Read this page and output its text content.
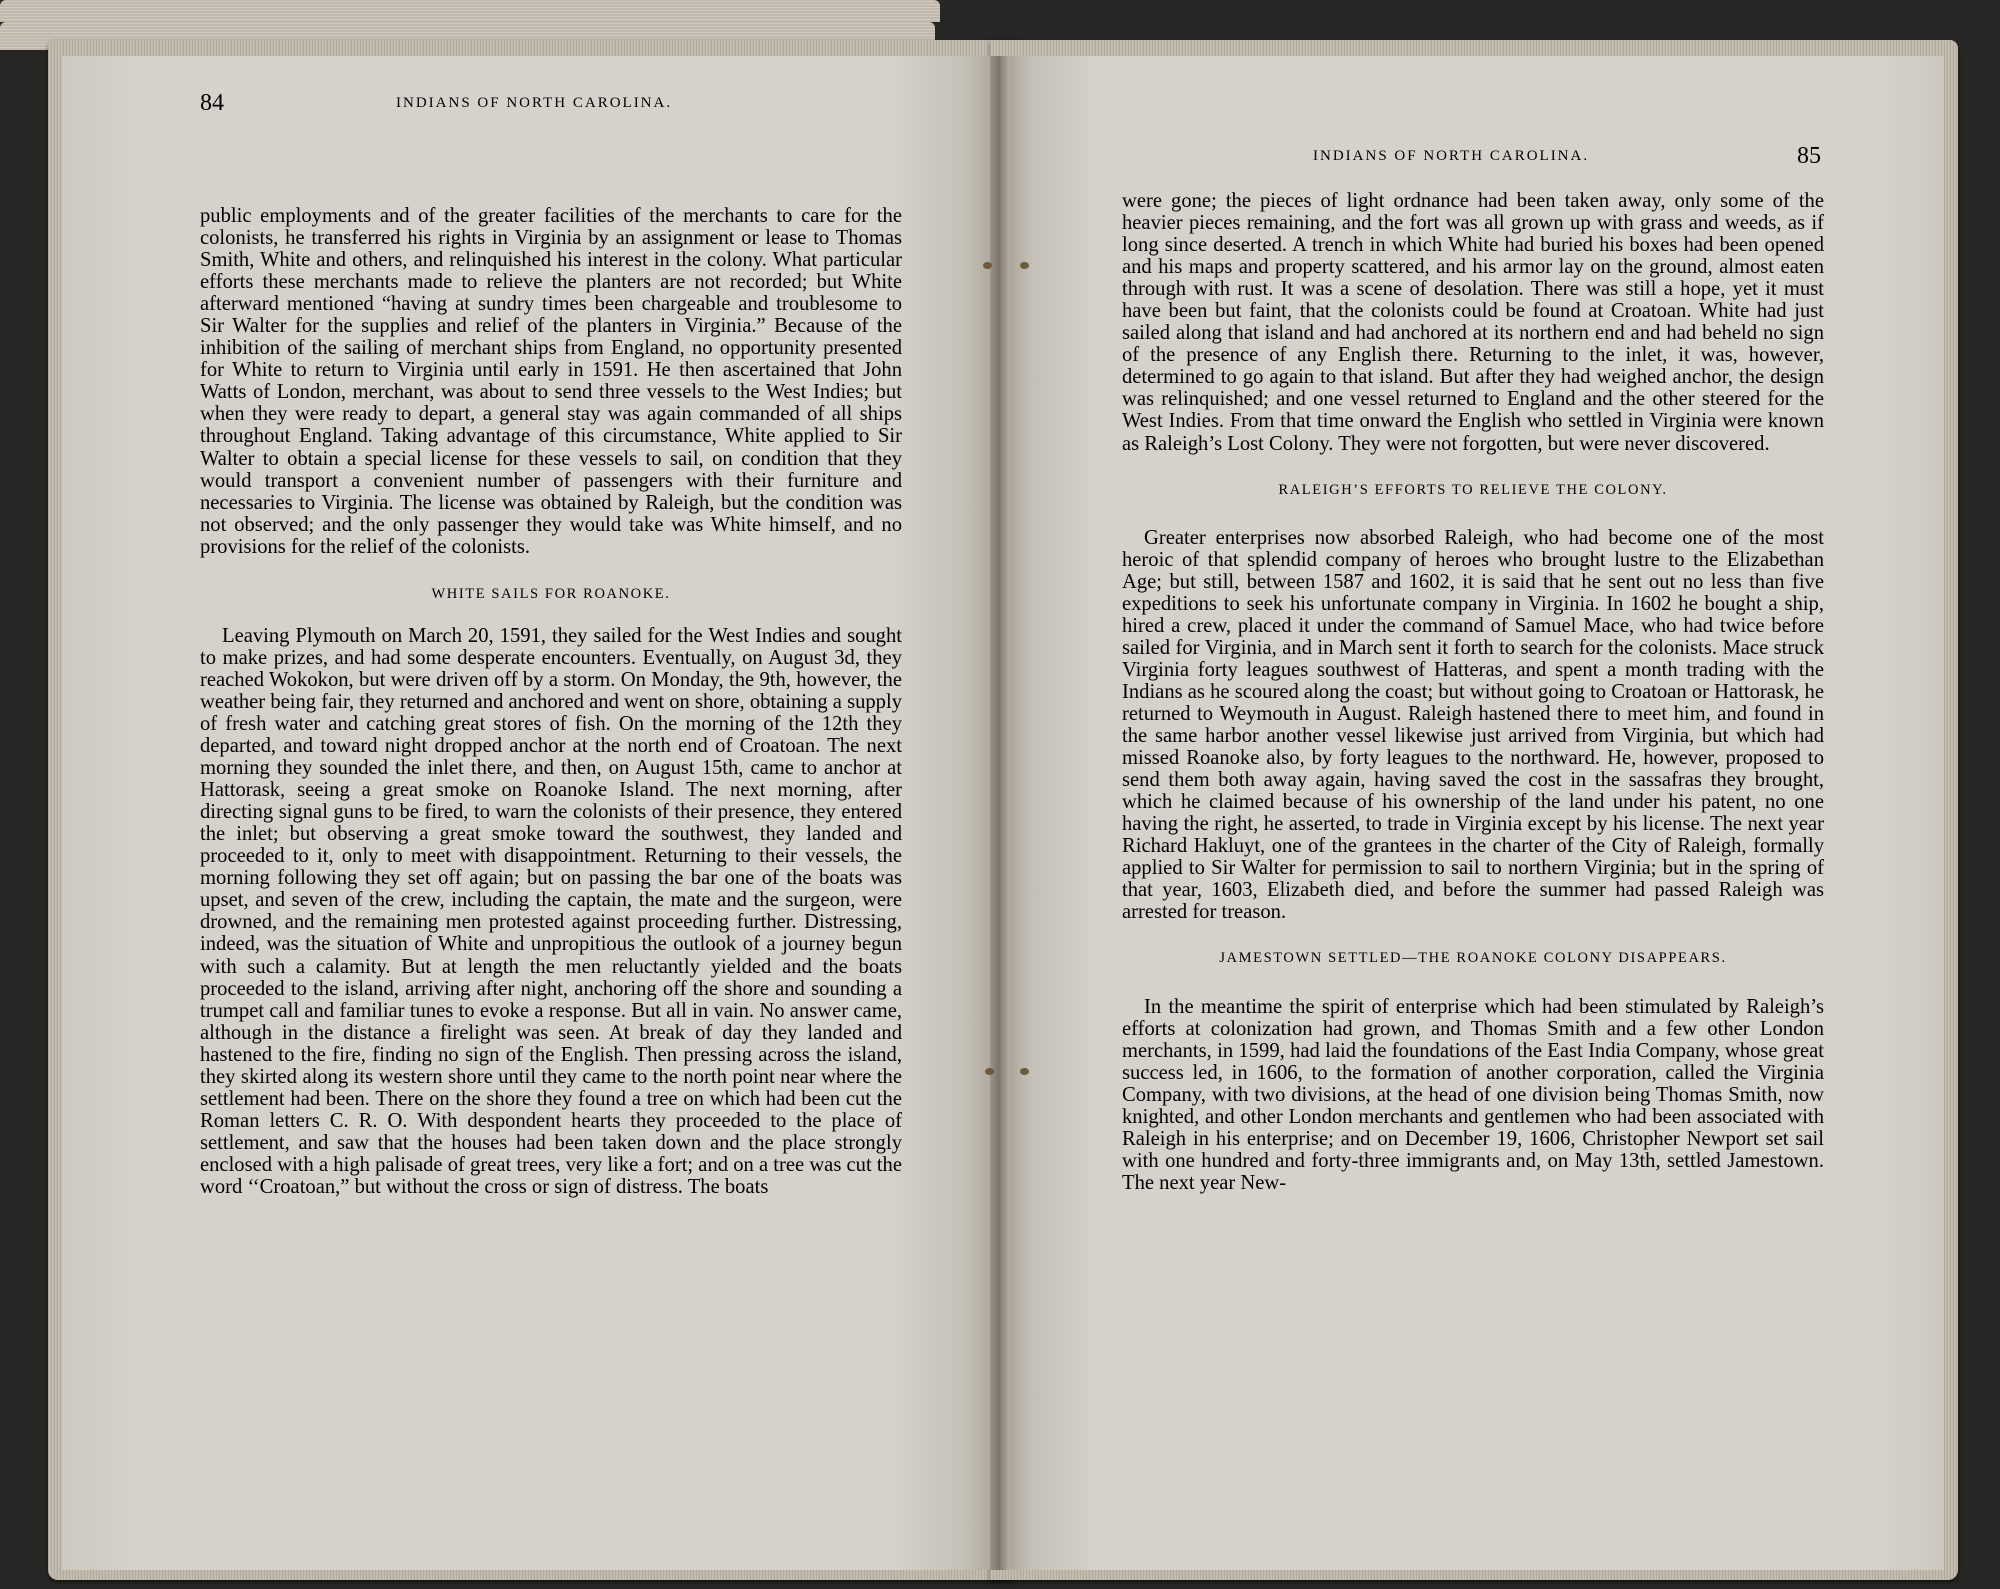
84	INDIANS OF NORTH CAROLINA.

public employments and of the greater facilities of the merchants to care for the colonists, he transferred his rights in Virginia by an assignment or lease to Thomas Smith, White and others, and relinquished his interest in the colony. What particular efforts these merchants made to relieve the planters are not recorded; but White afterward mentioned “having at sundry times been chargeable and troublesome to Sir Walter for the supplies and relief of the planters in Virginia.” Because of the inhibition of the sailing of merchant ships from England, no opportunity presented for White to return to Virginia until early in 1591. He then ascertained that John Watts of London, merchant, was about to send three vessels to the West Indies; but when they were ready to depart, a general stay was again commanded of all ships throughout England. Taking advantage of this circumstance, White applied to Sir Walter to obtain a special license for these vessels to sail, on condition that they would transport a convenient number of passengers with their furniture and necessaries to Virginia. The license was obtained by Raleigh, but the condition was not observed; and the only passenger they would take was White himself, and no provisions for the relief of the colonists.

WHITE SAILS FOR ROANOKE.

Leaving Plymouth on March 20, 1591, they sailed for the West Indies and sought to make prizes, and had some desperate encounters. Eventually, on August 3d, they reached Wokokon, but were driven off by a storm. On Monday, the 9th, however, the weather being fair, they returned and anchored and went on shore, obtaining a supply of fresh water and catching great stores of fish. On the morning of the 12th they departed, and toward night dropped anchor at the north end of Croatoan. The next morning they sounded the inlet there, and then, on August 15th, came to anchor at Hattorask, seeing a great smoke on Roanoke Island. The next morning, after directing signal guns to be fired, to warn the colonists of their presence, they entered the inlet; but observing a great smoke toward the southwest, they landed and proceeded to it, only to meet with disappointment. Returning to their vessels, the morning following they set off again; but on passing the bar one of the boats was upset, and seven of the crew, including the captain, the mate and the surgeon, were drowned, and the remaining men protested against proceeding further. Distressing, indeed, was the situation of White and unpropitious the outlook of a journey begun with such a calamity. But at length the men reluctantly yielded and the boats proceeded to the island, arriving after night, anchoring off the shore and sounding a trumpet call and familiar tunes to evoke a response. But all in vain. No answer came, although in the distance a firelight was seen. At break of day they landed and hastened to the fire, finding no sign of the English. Then pressing across the island, they skirted along its western shore until they came to the north point near where the settlement had been. There on the shore they found a tree on which had been cut the Roman letters C. R. O. With despondent hearts they proceeded to the place of settlement, and saw that the houses had been taken down and the place strongly enclosed with a high palisade of great trees, very like a fort; and on a tree was cut the word ‘‘Croatoan,” but without the cross or sign of distress. The boats

INDIANS OF NORTH CAROLINA.	85

were gone; the pieces of light ordnance had been taken away, only some of the heavier pieces remaining, and the fort was all grown up with grass and weeds, as if long since deserted. A trench in which White had buried his boxes had been opened and his maps and property scattered, and his armor lay on the ground, almost eaten through with rust. It was a scene of desolation. There was still a hope, yet it must have been but faint, that the colonists could be found at Croatoan. White had just sailed along that island and had anchored at its northern end and had beheld no sign of the presence of any English there. Returning to the inlet, it was, however, determined to go again to that island. But after they had weighed anchor, the design was relinquished; and one vessel returned to England and the other steered for the West Indies. From that time onward the English who settled in Virginia were known as Raleigh’s Lost Colony. They were not forgotten, but were never discovered.

RALEIGH’S EFFORTS TO RELIEVE THE COLONY.

Greater enterprises now absorbed Raleigh, who had become one of the most heroic of that splendid company of heroes who brought lustre to the Elizabethan Age; but still, between 1587 and 1602, it is said that he sent out no less than five expeditions to seek his unfortunate company in Virginia. In 1602 he bought a ship, hired a crew, placed it under the command of Samuel Mace, who had twice before sailed for Virginia, and in March sent it forth to search for the colonists. Mace struck Virginia forty leagues southwest of Hatteras, and spent a month trading with the Indians as he scoured along the coast; but without going to Croatoan or Hattorask, he returned to Weymouth in August. Raleigh hastened there to meet him, and found in the same harbor another vessel likewise just arrived from Virginia, but which had missed Roanoke also, by forty leagues to the northward. He, however, proposed to send them both away again, having saved the cost in the sassafras they brought, which he claimed because of his ownership of the land under his patent, no one having the right, he asserted, to trade in Virginia except by his license. The next year Richard Hakluyt, one of the grantees in the charter of the City of Raleigh, formally applied to Sir Walter for permission to sail to northern Virginia; but in the spring of that year, 1603, Elizabeth died, and before the summer had passed Raleigh was arrested for treason.

JAMESTOWN SETTLED—THE ROANOKE COLONY DISAPPEARS.

In the meantime the spirit of enterprise which had been stimulated by Raleigh’s efforts at colonization had grown, and Thomas Smith and a few other London merchants, in 1599, had laid the foundations of the East India Company, whose great success led, in 1606, to the formation of another corporation, called the Virginia Company, with two divisions, at the head of one division being Thomas Smith, now knighted, and other London merchants and gentlemen who had been associated with Raleigh in his enterprise; and on December 19, 1606, Christopher Newport set sail with one hundred and forty-three immigrants and, on May 13th, settled Jamestown. The next year New-
